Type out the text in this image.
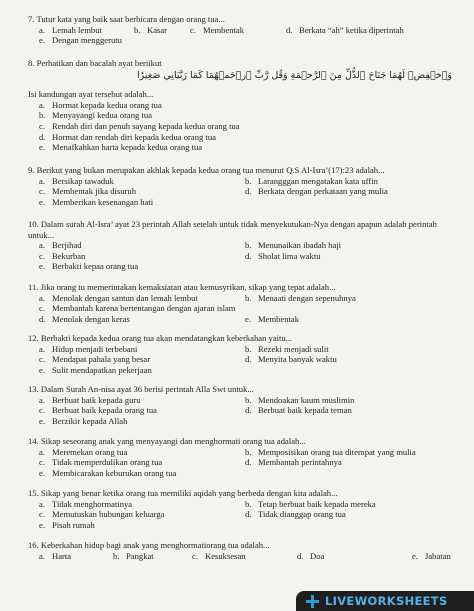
7. Tutur kata yang baik saat berbicara dengan orang tua...
a. Lemah lembut	b. Kasar	c. Membentak	d. Berkata “ah” ketika diperintah
e. Dengan menggerutu
8. Perhatikan dan bacalah ayat beriikut
وَٱخۡفِضۡ لَهُمَا جَنَاحَ ٱلذُّلِّ مِنَ ٱلرَّحۡمَةِ وَقُل رَّبِّ ٱرۡحَمۡهُمَا كَمَا رَبَّيَانِي صَغِيرٗا
Isi kandungan ayat tersebut adalah...
a. Hormat kepada kedua orang tua
b. Menyayangi kedua orang tua
c. Rendah diri dan penuh sayang kepada kedua orang tua
d. Hormat dan rendah diri kepada kedua orang tua
e. Menafkahkan harta kepada kedua orang tua
9. Berikut yang bukan merupakan akhlak kepada kedua orang tua menurut Q.S Al-Isra’(17):23 adalah...
a. Bersikap tawaduk	b. Larangggan mengatakan kata uffin
c. Membentak jika disuruh	d. Berkata dengan perkataan yang mulia
e. Memberikan kesenangan hati
10. Dalam surah Al-Isra’ ayat 23 perintah Allah setelah untuk tidak menyekutukan-Nya dengan apapun adalah perintah untuk...
a. Berjihad	b. Menunaikan ibadah haji
c. Bekurban	d. Sholat lima waktu
e. Berbakti kepaa orang tua
11. Jika orang tu memerintakan kemaksiatan atau kemusyrikan, sikap yang tepat adalah...
a. Menolak dengan santun dan lemah lembut	b. Menaati dengan sepenuhnya
c. Membantah karena bertentangan dengan ajaran islam
d. Menolak dengan keras	e. Membentak
12. Berbakti kepada kedua orang tua akan mendatangkan keberkahan yaitu...
a. Hidup menjadi terbebani	b. Rezeki menjadi sulit
c. Mendapat pahala yang besar	d. Menyita banyak waktu
e. Sulit mendapatkan pekerjaan
13. Dalam Surah An-nisa ayat 36 berisi perintah Alla Swt untuk...
a. Berbuat baik kepada guru	b. Mendoakan kaum muslimin
c. Berbuat baik kepada orang tua	d. Berbuat baik kepada teman
e. Berzikir kepada Allah
14. Sikap seseorang anak yang menyayangi dan menghormati orang tua adalah...
a. Meremekan orang tua	b. Memposisikan orang tua ditempat yang mulia
c. Tidak memperdulikan orang tua	d. Membantah perintahnya
e. Membicarakan keburukan orang tua
15. Sikap yang benar ketika orang tua memiliki aqidah yang berbeda dengan kita adalah...
a. Tidak menghormatinya	b. Tetap berbuat baik kepada mereka
c. Memutuskan hubungan keluarga	d. Tidak dianggap orang tua
e. Pisah rumah
16. Keberkahan hidup bagi anak yang menghormatiorang tua adalah...
a. Harta	b. Pangkat	c. Kesuksesan	d. Doa	e. Jabatan
LIVEWORKSHEETS
